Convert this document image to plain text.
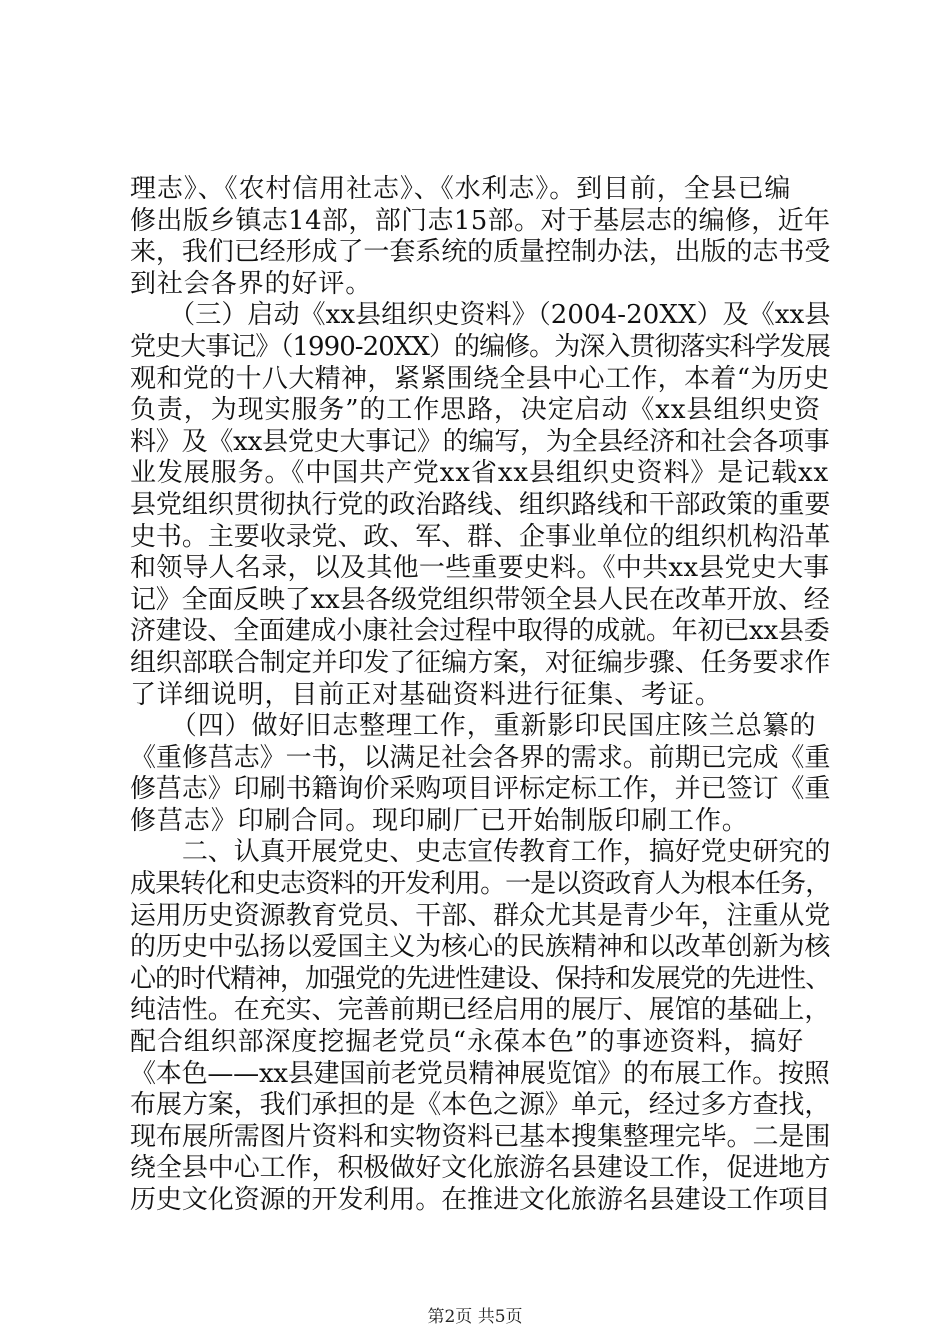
理志》、《农村信用社志》、《水利志》。到目前，全县已编
修出版乡镇志14部，部门志15部。对于基层志的编修，近年
来，我们已经形成了一套系统的质量控制办法，出版的志书受
到社会各界的好评。
　　（三）启动《xx县组织史资料》（2004-20XX）及《xx县
党史大事记》（1990-20XX）的编修。为深入贯彻落实科学发展
观和党的十八大精神，紧紧围绕全县中心工作，本着“为历史
负责，为现实服务”的工作思路，决定启动《xx县组织史资
料》及《xx县党史大事记》的编写，为全县经济和社会各项事
业发展服务。《中国共产党xx省xx县组织史资料》是记载xx
县党组织贯彻执行党的政治路线、组织路线和干部政策的重要
史书。主要收录党、政、军、群、企事业单位的组织机构沿革
和领导人名录，以及其他一些重要史料。《中共xx县党史大事
记》全面反映了xx县各级党组织带领全县人民在改革开放、经
济建设、全面建成小康社会过程中取得的成就。年初已xx县委
组织部联合制定并印发了征编方案，对征编步骤、任务要求作
了详细说明，目前正对基础资料进行征集、考证。
　　（四）做好旧志整理工作，重新影印民国庄陔兰总纂的
《重修莒志》一书，以满足社会各界的需求。前期已完成《重
修莒志》印刷书籍询价采购项目评标定标工作，并已签订《重
修莒志》印刷合同。现印刷厂已开始制版印刷工作。
　　二、认真开展党史、史志宣传教育工作，搞好党史研究的
成果转化和史志资料的开发利用。一是以资政育人为根本任务，
运用历史资源教育党员、干部、群众尤其是青少年，注重从党
的历史中弘扬以爱国主义为核心的民族精神和以改革创新为核
心的时代精神，加强党的先进性建设、保持和发展党的先进性、
纯洁性。在充实、完善前期已经启用的展厅、展馆的基础上，
配合组织部深度挖掘老党员“永葆本色”的事迹资料，搞好
《本色——xx县建国前老党员精神展览馆》的布展工作。按照
布展方案，我们承担的是《本色之源》单元，经过多方查找，
现布展所需图片资料和实物资料已基本搜集整理完毕。二是围
绕全县中心工作，积极做好文化旅游名县建设工作，促进地方
历史文化资源的开发利用。在推进文化旅游名县建设工作项目
第2页 共5页
